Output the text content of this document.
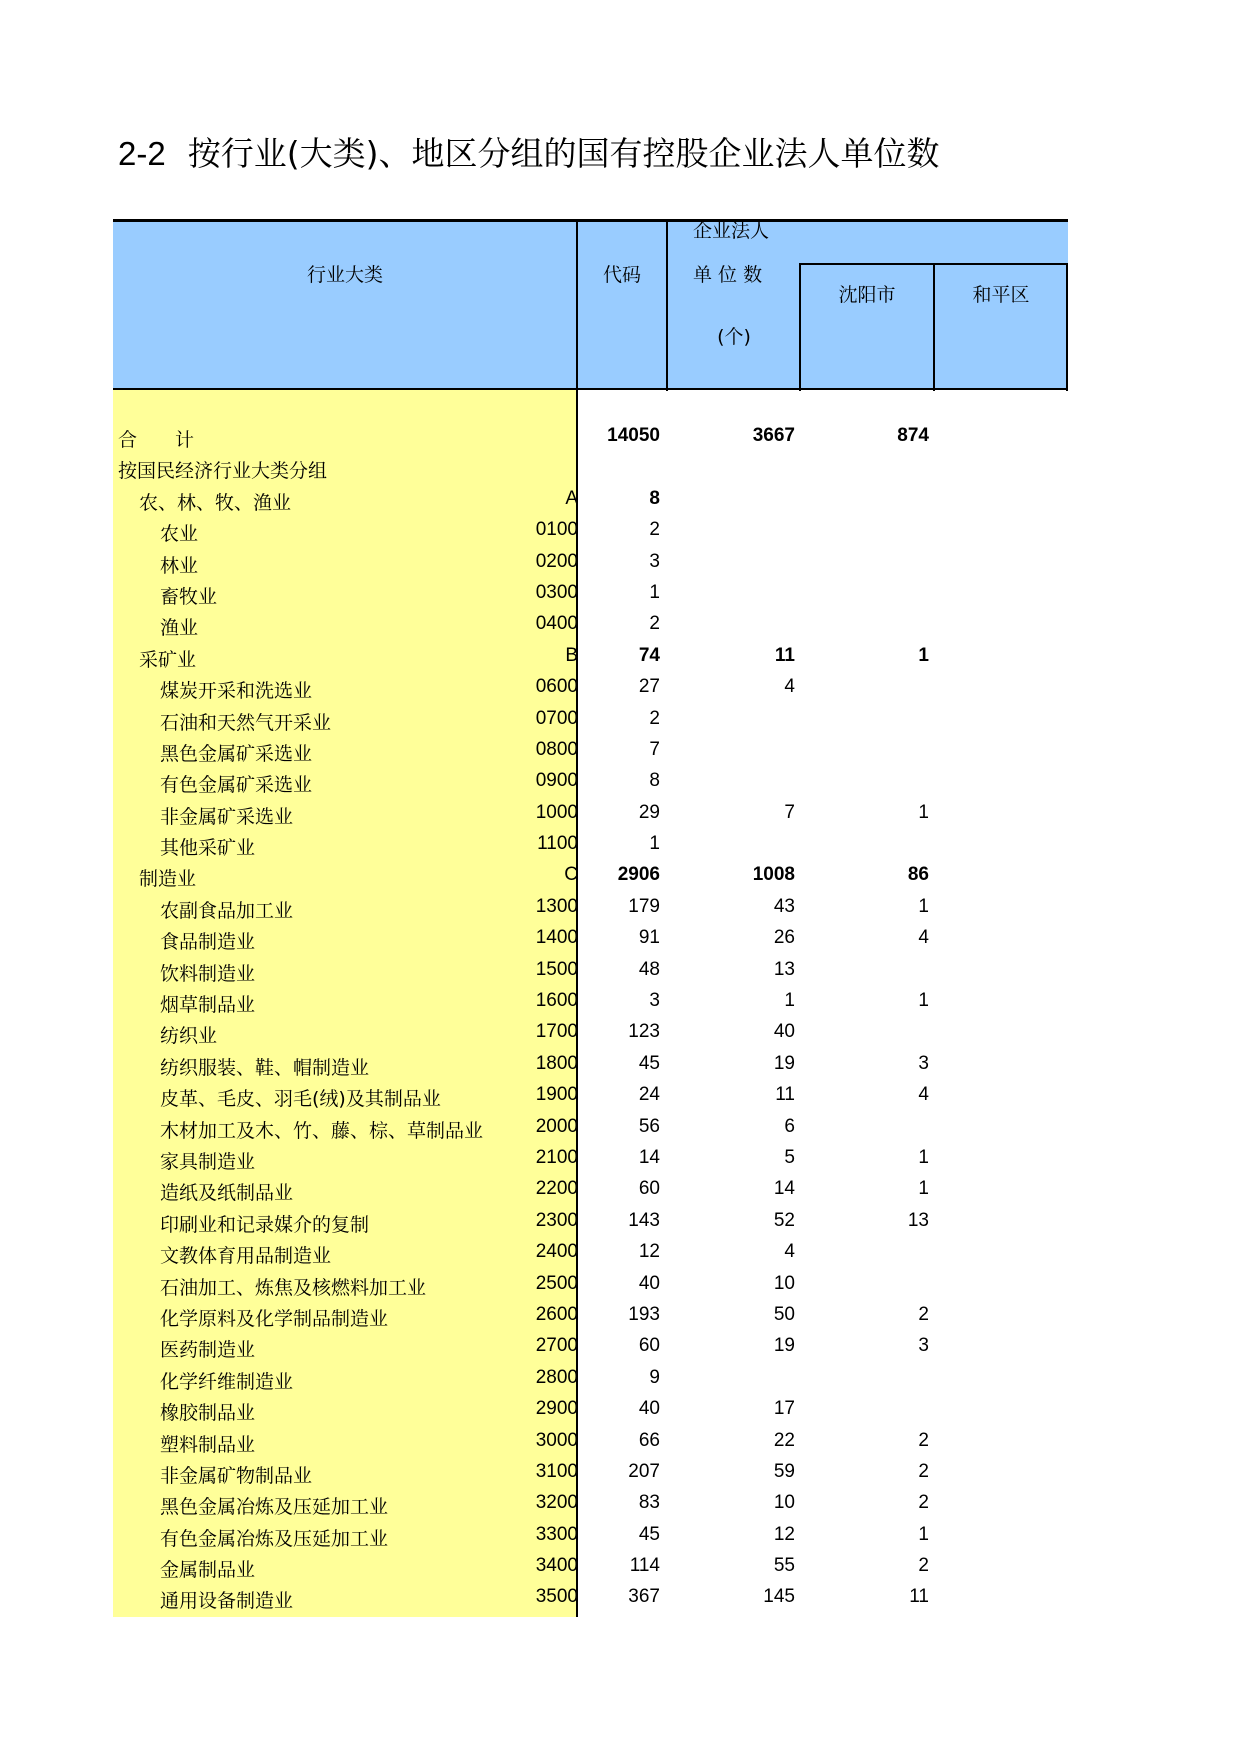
2-2 按行业(大类)、地区分组的国有控股企业法人单位数
行业大类	代码
企业法人
单 位 数
(个)
沈阳市	和平区
合　　计	14050	3667	874
按国民经济行业大类分组
农、林、牧、渔业	A	8
农业	0100	2
林业	0200	3
畜牧业	0300	1
渔业	0400	2
采矿业	B	74	11	1
煤炭开采和洗选业	0600	27	4
石油和天然气开采业	0700	2
黑色金属矿采选业	0800	7
有色金属矿采选业	0900	8
非金属矿采选业	1000	29	7	1
其他采矿业	1100	1
制造业	C 2906	1008	86
农副食品加工业	1300	179	43	1
食品制造业	1400	91	26	4
饮料制造业	1500	48	13
烟草制品业	1600	3	1	1
纺织业	1700	123	40
纺织服装、鞋、帽制造业	1800	45	19	3
皮革、毛皮、羽毛(绒)及其制品业	1900	24	11	4
木材加工及木、竹、藤、棕、草制品业	2000	56	6
家具制造业	2100	14	5	1
造纸及纸制品业	2200	60	14	1
印刷业和记录媒介的复制	2300	143	52	13
文教体育用品制造业	2400	12	4
石油加工、炼焦及核燃料加工业	2500	40	10
化学原料及化学制品制造业	2600	193	50	2
医药制造业	2700	60	19	3
化学纤维制造业	2800	9
橡胶制品业	2900	40	17
塑料制品业	3000	66	22	2
非金属矿物制品业	3100	207	59	2
黑色金属冶炼及压延加工业	3200	83	10	2
有色金属冶炼及压延加工业	3300	45	12	1
金属制品业	3400	114	55	2
通用设备制造业	3500	367	145	11
